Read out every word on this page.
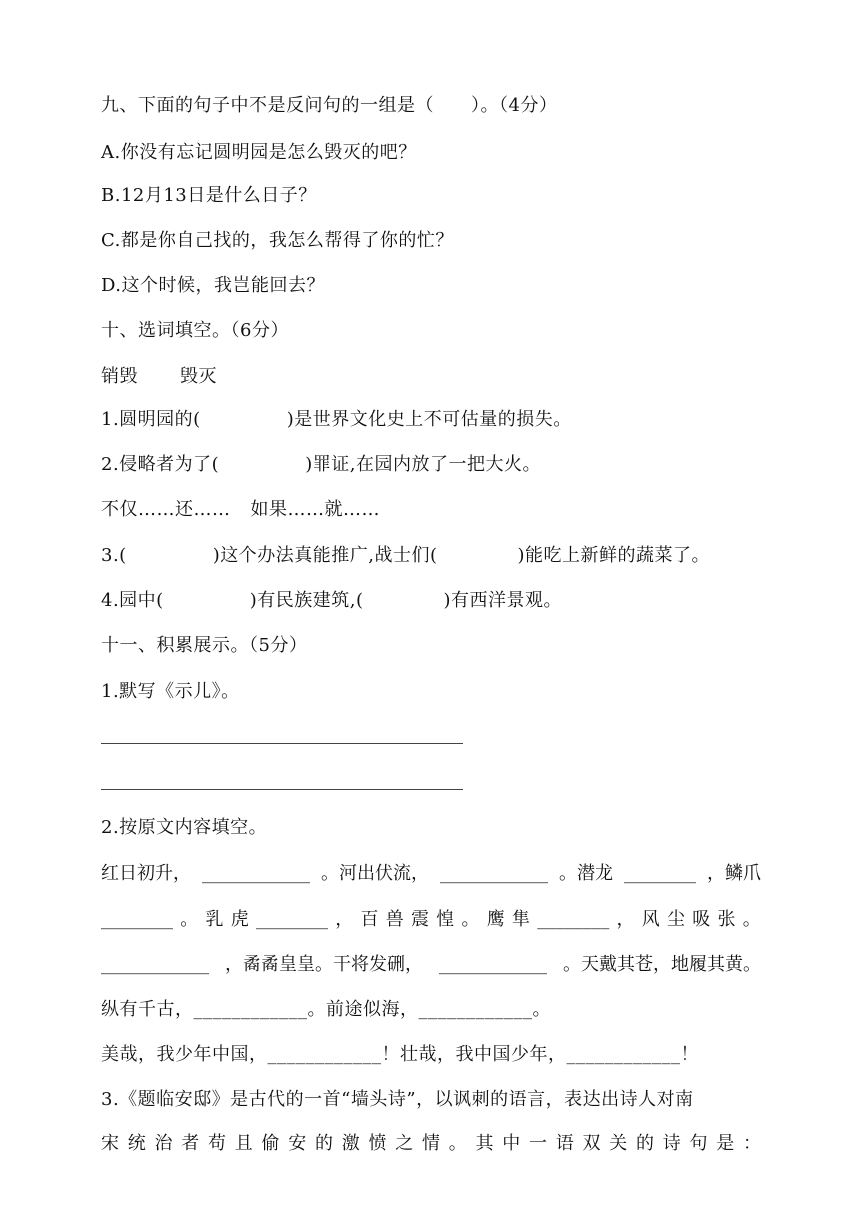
九、下面的句子中不是反问句的一组是（　　）。（4分）
A.你没有忘记圆明园是怎么毁灭的吧？
B.12月13日是什么日子？
C.都是你自己找的，我怎么帮得了你的忙？
D.这个时候，我岂能回去？
十、选词填空。（6分）
销毁 毁灭
1.圆明园的(	)是世界文化史上不可估量的损失。
2.侵略者为了(	)罪证,在园内放了一把大火。
不仅……还…… 如果……就……
3.(	)这个办法真能推广,战士们(	)能吃上新鲜的蔬菜了。
4.园中(	)有民族建筑,(	)有西洋景观。
十一、积累展示。（5分）
1.默写《示儿》。
2.按原文内容填空。
红日初升， ____________ 。河出伏流， ____________ 。潜龙 ________ ，鳞爪
________ 。 乳 虎 ________ ， 百 兽 震 惶 。 鹰 隼 ________ ， 风 尘 吸 张 。
____________ ，矞矞皇皇。干将发硎， ____________ 。天戴其苍，地履其黄。
纵有千古，____________。前途似海，____________。
美哉，我少年中国，____________！壮哉，我中国少年，____________！
3.《题临安邸》是古代的一首“墙头诗”，以讽刺的语言，表达出诗人对南
宋 统 治 者 苟 且 偷 安 的 激 愤 之 情 。 其 中 一 语 双 关 的 诗 句 是 ：
